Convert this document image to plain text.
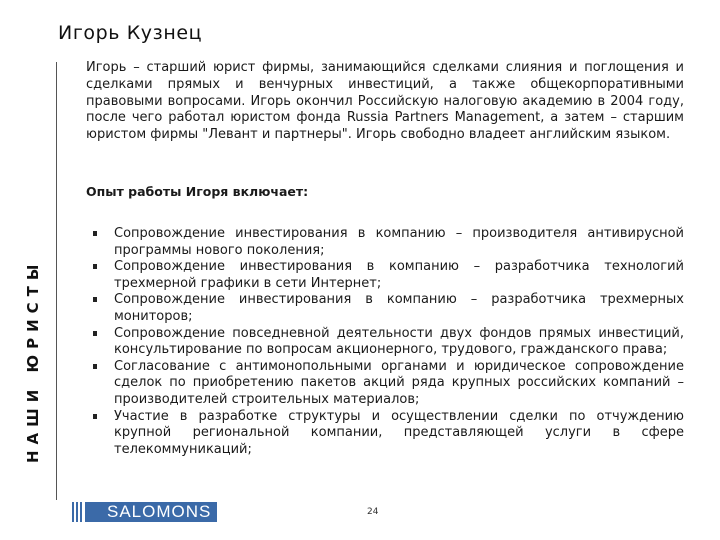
Игорь Кузнец
НАШИ ЮРИСТЫ

Игорь – старший юрист фирмы, занимающийся сделками слияния и поглощения и сделками прямых и венчурных инвестиций, а также общекорпоративными правовыми вопросами. Игорь окончил Российскую налоговую академию в 2004 году, после чего работал юристом фонда Russia Partners Management, а затем – старшим юристом фирмы "Левант и партнеры". Игорь свободно владеет английским языком.

Опыт работы Игоря включает:

Сопровождение инвестирования в компанию – производителя антивирусной программы нового поколения;
Сопровождение инвестирования в компанию – разработчика технологий трехмерной графики в сети Интернет;
Сопровождение инвестирования в компанию – разработчика трехмерных мониторов;
Сопровождение повседневной деятельности двух фондов прямых инвестиций, консультирование по вопросам акционерного, трудового, гражданского права;
Согласование с антимонопольными органами и юридическое сопровождение сделок по приобретению пакетов акций ряда крупных российских компаний – производителей строительных материалов;
Участие в разработке структуры и осуществлении сделки по отчуждению крупной региональной компании, представляющей услуги в сфере телекоммуникаций;
SALOMONS	24
